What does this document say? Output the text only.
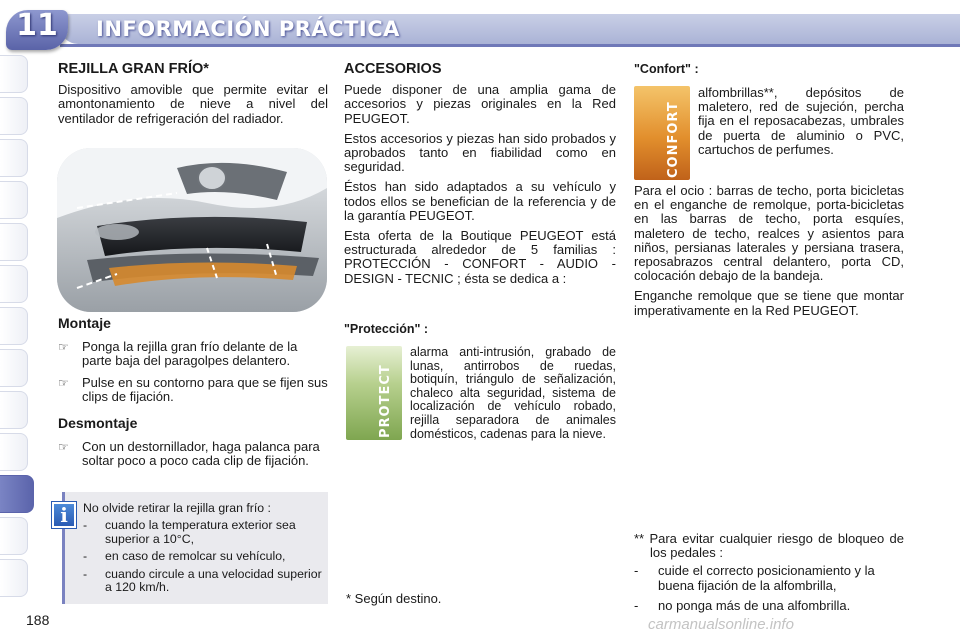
11 INFORMACIÓN PRÁCTICA
REJILLA GRAN FRÍO*
Dispositivo amovible que permite evitar el amontonamiento de nieve a nivel del ventilador de refrigeración del radiador.
Montaje
☞ Ponga la rejilla gran frío delante de la parte baja del paragolpes delantero.
☞ Pulse en su contorno para que se fijen sus clips de fijación.
Desmontaje
☞ Con un destornillador, haga palanca para soltar poco a poco cada clip de fijación.
No olvide retirar la rejilla gran frío :
- cuando la temperatura exterior sea superior a 10°C,
- en caso de remolcar su vehículo,
- cuando circule a una velocidad superior a 120 km/h.
i
ACCESORIOS
Puede disponer de una amplia gama de accesorios y piezas originales en la Red PEUGEOT.
Estos accesorios y piezas han sido probados y aprobados tanto en fiabilidad como en seguridad.
Éstos han sido adaptados a su vehículo y todos ellos se benefician de la referencia y de la garantía PEUGEOT.
Esta oferta de la Boutique PEUGEOT está estructurada alrededor de 5 familias : PROTECCIÓN - CONFORT - AUDIO - DESIGN - TECNIC ; ésta se dedica a :
"Protección" :
PROTECT
alarma anti-intrusión, grabado de lunas, antirrobos de ruedas, botiquín, triángulo de señalización, chaleco alta seguridad, sistema de localización de vehículo robado, rejilla separadora de animales domésticos, cadenas para la nieve.
* Según destino.
"Confort" :
CONFORT
alfombrillas**, depósitos de maletero, red de sujeción, percha fija en el reposacabezas, umbrales de puerta de aluminio o PVC, cartuchos de perfumes.
Para el ocio : barras de techo, porta bicicletas en el enganche de remolque, porta-bicicletas en las barras de techo, porta esquíes, maletero de techo, realces y asientos para niños, persianas laterales y persiana trasera, reposabrazos central delantero, porta CD, colocación debajo de la bandeja.
Enganche remolque que se tiene que montar imperativamente en la Red PEUGEOT.
** Para evitar cualquier riesgo de bloqueo de los pedales :
- cuide el correcto posicionamiento y la buena fijación de la alfombrilla,
- no ponga más de una alfombrilla.
188	carmanualsonline.info
